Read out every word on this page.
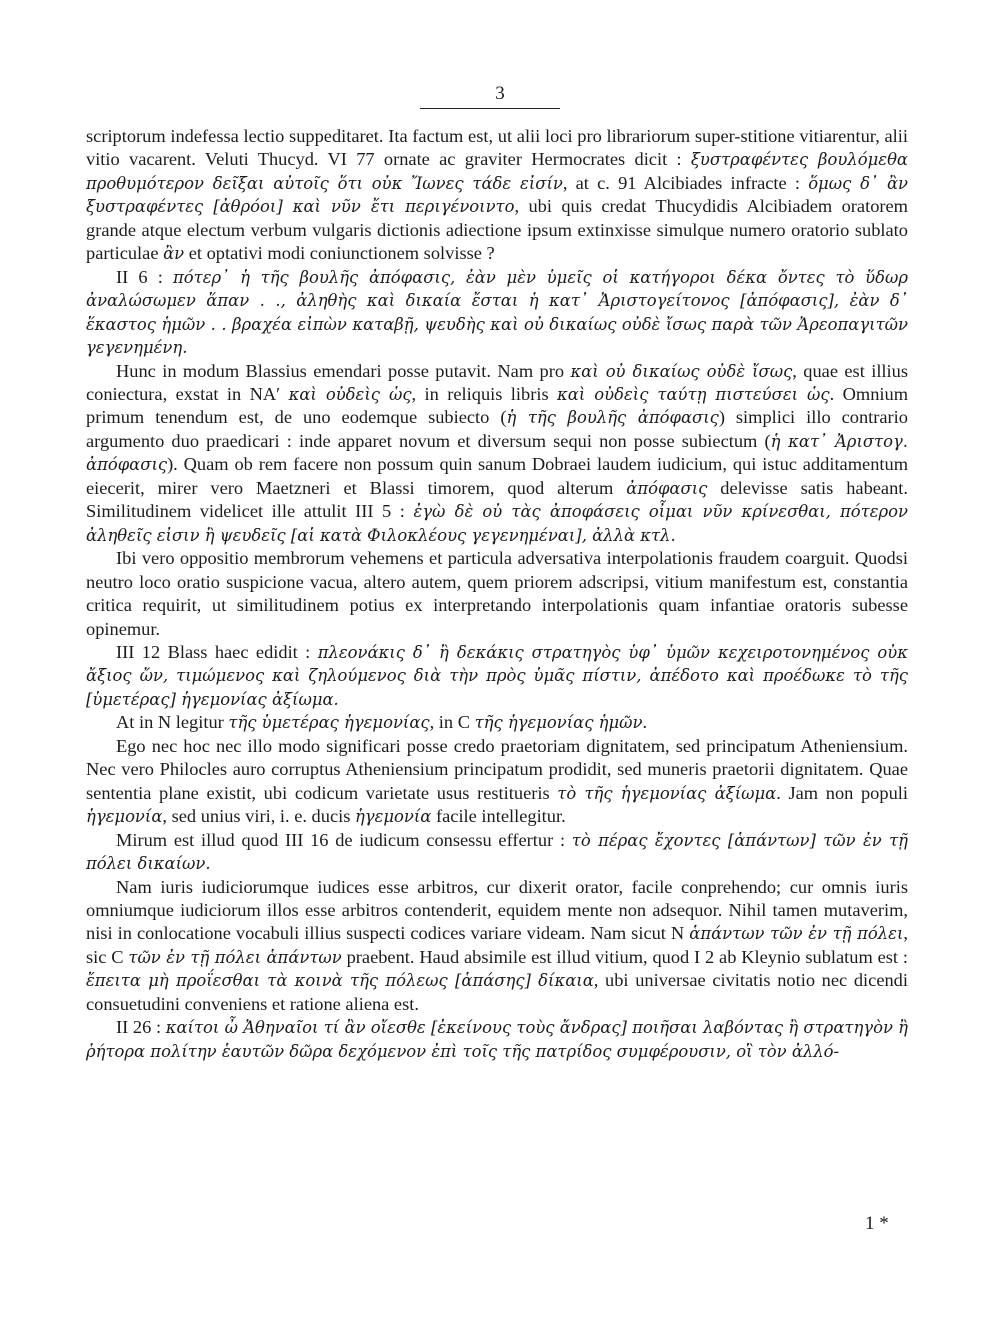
3

scriptorum indefessa lectio suppeditaret. Ita factum est, ut alii loci pro librariorum super-stitione vitiarentur, alii vitio vacarent. Veluti Thucyd. VI 77 ornate ac graviter Hermocrates dicit : ξυστραφέντες βουλόμεθα προθυμότερον δεῖξαι αὐτοῖς ὅτι οὐκ Ἴωνες τάδε εἰσίν, at c. 91 Alcibiades infracte : ὅμως δ᾽ ἂν ξυστραφέντες [ἀθρόοι] καὶ νῦν ἔτι περιγένοιντο, ubi quis credat Thucydidis Alcibiadem oratorem grande atque electum verbum vulgaris dictionis adiectione ipsum extinxisse simulque numero oratorio sublato particulae ἂν et optativi modi coniunctionem solvisse ?

II 6 : πότερ᾽ ἡ τῆς βουλῆς ἀπόφασις, ἐὰν μὲν ὑμεῖς οἱ κατήγοροι δέκα ὄντες τὸ ὕδωρ ἀναλώσωμεν ἅπαν . ., ἀληθὴς καὶ δικαία ἔσται ἡ κατ᾽ Ἀριστογείτονος [ἀπόφασις], ἐὰν δ᾽ ἕκαστος ἡμῶν . . βραχέα εἰπὼν καταβῇ, ψευδὴς καὶ οὐ δικαίως οὐδὲ ἴσως παρὰ τῶν Ἀρεοπαγιτῶν γεγενημένη.

Hunc in modum Blassius emendari posse putavit. Nam pro καὶ οὐ δικαίως οὐδὲ ἴσως, quae est illius coniectura, exstat in NA′ καὶ οὐδεὶς ὡς, in reliquis libris καὶ οὐδεὶς ταύτῃ πιστεύσει ὡς. Omnium primum tenendum est, de uno eodemque subiecto (ἡ τῆς βουλῆς ἀπόφασις) simplici illo contrario argumento duo praedicari : inde apparet novum et diversum sequi non posse subiectum (ἡ κατ᾽ Ἀριστογ. ἀπόφασις). Quam ob rem facere non possum quin sanum Dobraei laudem iudicium, qui istuc additamentum eiecerit, mirer vero Maetzneri et Blassi timorem, quod alterum ἀπόφασις delevisse satis habeant. Similitudinem videlicet ille attulit III 5 : ἐγὼ δὲ οὐ τὰς ἀποφάσεις οἶμαι νῦν κρίνεσθαι, πότερον ἀληθεῖς εἰσιν ἢ ψευδεῖς [αἱ κατὰ Φιλοκλέους γεγενημέναι], ἀλλὰ κτλ.

Ibi vero oppositio membrorum vehemens et particula adversativa interpolationis fraudem coarguit. Quodsi neutro loco oratio suspicione vacua, altero autem, quem priorem adscripsi, vitium manifestum est, constantia critica requirit, ut similitudinem potius ex interpretando interpolationis quam infantiae oratoris subesse opinemur.

III 12 Blass haec edidit : πλεονάκις δ᾽ ἢ δεκάκις στρατηγὸς ὑφ᾽ ὑμῶν κεχειροτονημένος οὐκ ἄξιος ὤν, τιμώμενος καὶ ζηλούμενος διὰ τὴν πρὸς ὑμᾶς πίστιν, ἀπέδοτο καὶ προέδωκε τὸ τῆς [ὑμετέρας] ἡγεμονίας ἀξίωμα.

At in N legitur τῆς ὑμετέρας ἡγεμονίας, in C τῆς ἡγεμονίας ἡμῶν.

Ego nec hoc nec illo modo significari posse credo praetoriam dignitatem, sed principatum Atheniensium. Nec vero Philocles auro corruptus Atheniensium principatum prodidit, sed muneris praetorii dignitatem. Quae sententia plane existit, ubi codicum varietate usus restitueris τὸ τῆς ἡγεμονίας ἀξίωμα. Jam non populi ἡγεμονία, sed unius viri, i. e. ducis ἡγεμονία facile intellegitur.

Mirum est illud quod III 16 de iudicum consessu effertur : τὸ πέρας ἔχοντες [ἁπάντων] τῶν ἐν τῇ πόλει δικαίων.

Nam iuris iudiciorumque iudices esse arbitros, cur dixerit orator, facile conprehendo; cur omnis iuris omniumque iudiciorum illos esse arbitros contenderit, equidem mente non adsequor. Nihil tamen mutaverim, nisi in conlocatione vocabuli illius suspecti codices variare videam. Nam sicut N ἁπάντων τῶν ἐν τῇ πόλει, sic C τῶν ἐν τῇ πόλει ἁπάντων praebent. Haud absimile est illud vitium, quod I 2 ab Kleynio sublatum est : ἔπειτα μὴ προΐεσθαι τὰ κοινὰ τῆς πόλεως [ἁπάσης] δίκαια, ubi universae civitatis notio nec dicendi consuetudini conveniens et ratione aliena est.

II 26 : καίτοι ὦ Ἀθηναῖοι τί ἂν οἴεσθε [ἐκείνους τοὺς ἄνδρας] ποιῆσαι λαβόντας ἢ στρατηγὸν ἢ ῥήτορα πολίτην ἑαυτῶν δῶρα δεχόμενον ἐπὶ τοῖς τῆς πατρίδος συμφέρουσιν, οἳ τὸν ἀλλό-

1 *
